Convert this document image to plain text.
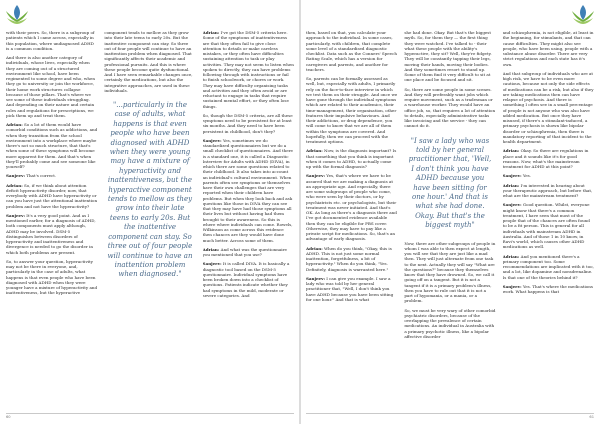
with their peers. So, there is a subgroup of patients which I came across, especially in this population, where undiagnosed ADHD is a common condition.

And there is also another category of individuals, whose lives, especially when they are coming out of a structured environment like school, have been regimented to some degree and who, when they go to university or join the workforce, their home work structures collapse because of those pillars. That's where we see some of these individuals struggling. And depending on their nature and certain roles and regulations for prescriptions, we pick them up and treat them.

Adrian: So a lot of them would have comorbid conditions such as addictions, and when they transition from the school environment into a workplace where maybe there's not so much structure, that that's when some of these symptoms will become more apparent for them. And that's when they'll probably come and see someone like yourself?

Sanjeev: That's correct.

Adrian: So, if we think about attention deficit hyperactivity disorder, now, that everybody with ADHD have hyperactivity or can you have just the attentional inattention problem and not have the hyperactivity?

Sanjeev: It's a very good point. And as I mentioned earlier, for a diagnosis of ADHD, both components must apply although, ADHD may be involved. DSM-5 distinguishes between disorders of hyperactivity and inattentiveness and divergence is needed to go the disorder in which both problems are present.

So, to answer your question, hyperactivity may not be there in everyone, and, particularly in the case of adults, what happens is that even people who have been diagnosed with ADHD when they were younger have a mixture of hyperactivity and inattentiveness, but the hyperactive

component tends to mellow as they grow into their late teens to early 20s. But the inattentive component can stay. So three out of four people will continue to have an inattention problem when diagnosed. That significantly affects their academic and professional pursuits. And this is where these people become quite dysfunctional. And I have seen remarkable changes once, certainly the medications, but also the integrative approaches, are used in these individuals.

"...particularly in the case of adults, what happens is that even people who have been diagnosed with ADHD when they were young may have a mixture of hyperactivity and inattentiveness, but the hyperactive component tends to mellow as they grow into their late teens to early 20s. But the inattentive component can stay. So three out of four people will continue to have an inattention problem when diagnosed."

Adrian: I've got the DSM-5 criteria here. Some of the symptoms of inattentiveness are that they often fail to give close attention to details or make careless mistakes, or they often have difficulties sustaining attention to task or play activities. They may not seem to listen when spoken to directly, they can have problems following through with instructions or fail to finish schoolwork, or chores or work. They may have difficulty organising tasks and activities and they often avoid or are reluctant to engage in tasks that require sustained mental effort, or they often lose things.

So, though the DSM-5 criteria, are all these symptoms need to be persistent for at least six months. And they need to have been persistent in childhood, don't they?

Sanjeev: Yes, sometimes we do standardized questionnaires but we do a small checklist of questionnaires. And there is a standard one, it is called a Diagnostic Interview for Adults with ADHD (DIVA), in which there are some questions related to their childhood. It also takes into account an individual's cultural environment. When parents often see symptoms or themselves have their own challenges that are very reported when their children have problems. But when they look back and ask questions like those in DIVA they can see that they may have had those symptoms all their lives but without having had them brought to their awareness. So this is where where individuals can come. Rowels, Wilkinson as come across this evidence then chances are they would have done much better. Across some of them.

Adrian: And what was the questionnaire you mentioned that you use?

Sanjeev: It is called DIVA. It is basically a diagnostic tool based on the DSM-5 questionnaire. Individual symptoms have been broken down into a checklist of questions. Patients indicate whether they had symptoms in the mild, moderate or severe categories. And

60

then, based on that, you calculate your approach to the individual. In some cases, particularly, with children, that complete some level of a standardised diagnostic checklist. Data such as the Conners' Speech Rating Scale, which has a version for caregivers and parents, and another for teachers.

So, parents can be formally assessed as well, but, especially with adults, I primarily rely on the face-to-face interview in which we test them on their struggle. And once we have gone through the individual symptoms which are related to their academics, their time-management, their organisation, other features their impulsive behaviours. And their addictions, or drug dependence, you will come to know that we are all of them within the symptoms are covered. And hopefully, then we can proceed with the treatment options.

Adrian: Now, is the diagnosis important? Is that something that you think is important when it comes to ADHD, to actually come up with the formal diagnosis?

Sanjeev: Yes, that's where we have to be assured that we are making a diagnosis at an appropriate age. And especially, there are some subgroups of people who come, who were seen by their doctors, or by psychiatrists etc. or psychologists, but their treatment was never initiated. And that's OK. As long as there's a diagnosis there and I've got documented evidence available then they can be eligible for PBS cover. Otherwise, they may have to pay like a private script for medications. So, that's an advantage of early diagnosis.

Adrian: When do you think, "Okay, this is ADHD. This is not just some normal inattention, forgetfulness, a bit of hyperactivity." When do you think, "Yes. Definitely, diagnosis is warranted here."

Sanjeev: I can give you example. I saw a lady who was told by her general practitioner that, "Well, I don't think you have ADHD because you have been sitting for one hour." And that is what

she had done. Okay. But that's the biggest myth. So, for them they — the first thing they were watched. I've talked to - their what these people with the ability's hyperactive, they sit? Well, they're fidgety. They will be constantly tapping their legs, moving their hands, moving their bodies. And they sometimes resort to stand up. Some of them find it very difficult to sit at one place and be focused and sit.

So, there are some people in some scenes. And they will preferably want jobs which require movement, such as a tradesman or a warehouse worker. They would have an office job, so, that requires a lot of attention to details, especially administrative tasks like invoicing and the service - they can cannot do it.

"I saw a lady who was told by her general practitioner that, 'Well, I don't think you have ADHD because you have been sitting for one hour.' And that is what she had done. Okay. But that's the biggest myth"

Now, there are other subgroups of people in whom I was able to then expect at length, you will see that they are just like a mad then. They will just alternate from one task to the next. Actually they will say "What are the questions?" because they themselves know that they have drowned. So, we call it going off on a tangent. But it is not a tangent if it is a primary problem's illness, then you have to rule out that it is not a part of hypomania, or a mania, or a problem.

So, we must be very wary of other comorbid psychiatric disorders, because of the overlapping the prevalence of certain medications. An individual in Australia with a primary psychotic illness, like a bipolar affective disorder

and schizophrenia, is not eligible, at least in the beginning, for stimulants, and that can cause difficulties. They might also see people, who have been using, people with a substance abuse disorder. There are very strict regulations and each state has it's own.

And that subgroup of individuals who are at high risk, we have to be even more cautious, because not only the side effects of medications can be a risk, but also if they are taking medications then can have relapse of psychosis. And there is something I often see in a small percentage of people is not anyone who was also have added medication. But once they have misused, if there's a stimulant-induced, a primary psychosis is shown like bipolar disorder or schizophrenia, then there is mandatory reporting of that incident to the health department.

Adrian: Okay. So there are regulations in place and it sounds like it's for good reasons. Now, what's the mainstream treatment for ADHD at this point?

Sanjeev: Yes.

Adrian: I'm interested in hearing about your therapeutic approach, but before that, what are the mainstream treatment?

Sanjeev: Good question. Whilst, everyone might know that there's a common treatment, I have seen that most of the people that of the chances are often found to be a fit person. This is general for all individuals with mainstream ADHD in Australia. And of those 1 in 10 know, in Ravi's world, which causes other ADHD medications as well.

Adrian: And you mentioned there's a primary component too. Some recommendations are implicated with it too, and a lot, like dopamine and noradrenaline. Is that one of the theories behind it?

Sanjeev: Yes. That's where the medications work. What happens is that

61
